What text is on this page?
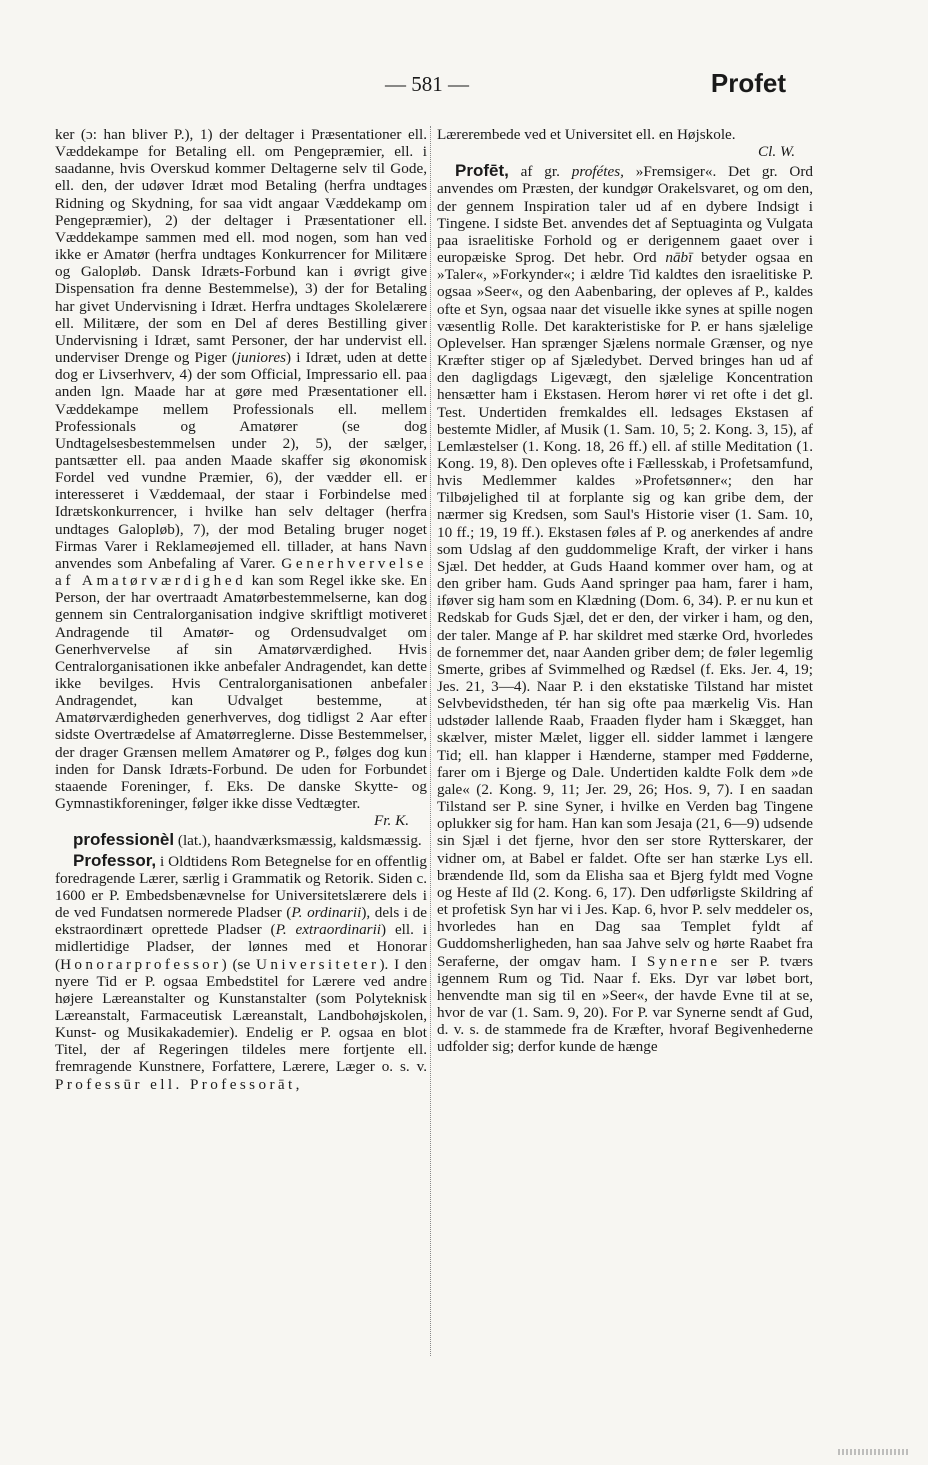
— 581 —	Profet

ker (ɔ: han bliver P.), 1) der deltager i Præsentationer ell. Væddekampe for Betaling ell. om Pengepræmier, ell. i saadanne, hvis Overskud kommer Deltagerne selv til Gode, ell. den, der udøver Idræt mod Betaling (herfra undtages Ridning og Skydning, for saa vidt angaar Væddekamp om Pengepræmier), 2) der deltager i Præsentationer ell. Væddekampe sammen med ell. mod nogen, som han ved ikke er Amatør (herfra undtages Konkurrencer for Militære og Galopløb. Dansk Idræts-Forbund kan i øvrigt give Dispensation fra denne Bestemmelse), 3) der for Betaling har givet Undervisning i Idræt. Herfra undtages Skolelærere ell. Militære, der som en Del af deres Bestilling giver Undervisning i Idræt, samt Personer, der har undervist ell. underviser Drenge og Piger (juniores) i Idræt, uden at dette dog er Livserhverv, 4) der som Official, Impressario ell. paa anden lgn. Maade har at gøre med Præsentationer ell. Væddekampe mellem Professionals ell. mellem Professionals og Amatører (se dog Undtagelsesbestemmelsen under 2), 5), der sælger, pantsætter ell. paa anden Maade skaffer sig økonomisk Fordel ved vundne Præmier, 6), der vædder ell. er interesseret i Væddemaal, der staar i Forbindelse med Idrætskonkurrencer, i hvilke han selv deltager (herfra undtages Galopløb), 7), der mod Betaling bruger noget Firmas Varer i Reklameøjemed ell. tillader, at hans Navn anvendes som Anbefaling af Varer. Generhvervelse af Amatørværdighed kan som Regel ikke ske. En Person, der har overtraadt Amatørbestemmelserne, kan dog gennem sin Centralorganisation indgive skriftligt motiveret Andragende til Amatør- og Ordensudvalget om Generhvervelse af sin Amatørværdighed. Hvis Centralorganisationen ikke anbefaler Andragendet, kan dette ikke bevilges. Hvis Centralorganisationen anbefaler Andragendet, kan Udvalget bestemme, at Amatørværdigheden generhverves, dog tidligst 2 Aar efter sidste Overtrædelse af Amatørreglerne. Disse Bestemmelser, der drager Grænsen mellem Amatører og P., følges dog kun inden for Dansk Idræts-Forbund. De uden for Forbundet staaende Foreninger, f. Eks. De danske Skytte- og Gymnastikforeninger, følger ikke disse Vedtægter.
Fr. K.

professionèl (lat.), haandværksmæssig, kaldsmæssig.

Professor, i Oldtidens Rom Betegnelse for en offentlig foredragende Lærer, særlig i Grammatik og Retorik. Siden c. 1600 er P. Embedsbenævnelse for Universitetslærere dels i de ved Fundatsen normerede Pladser (P. ordinarii), dels i de ekstraordinært oprettede Pladser (P. extraordinarii) ell. i midlertidige Pladser, der lønnes med et Honorar (Honorarprofessor) (se Universiteter). I den nyere Tid er P. ogsaa Embedstitel for Lærere ved andre højere Læreanstalter og Kunstanstalter (som Polyteknisk Læreanstalt, Farmaceutisk Læreanstalt, Landbohøjskolen, Kunst- og Musikakademier). Endelig er P. ogsaa en blot Titel, der af Regeringen tildeles mere fortjente ell. fremragende Kunstnere, Forfattere, Lærere, Læger o. s. v. Professūr ell. Professorāt,

Lærerembede ved et Universitet ell. en Højskole.
Cl. W.

Profēt, af gr. profétes, »Fremsiger«. Det gr. Ord anvendes om Præsten, der kundgør Orakelsvaret, og om den, der gennem Inspiration taler ud af en dybere Indsigt i Tingene. I sidste Bet. anvendes det af Septuaginta og Vulgata paa israelitiske Forhold og er derigennem gaaet over i europæiske Sprog. Det hebr. Ord nābī betyder ogsaa en »Taler«, »Forkynder«; i ældre Tid kaldtes den israelitiske P. ogsaa »Seer«, og den Aabenbaring, der opleves af P., kaldes ofte et Syn, ogsaa naar det visuelle ikke synes at spille nogen væsentlig Rolle. Det karakteristiske for P. er hans sjælelige Oplevelser. Han sprænger Sjælens normale Grænser, og nye Kræfter stiger op af Sjæledybet. Derved bringes han ud af den dagligdags Ligevægt, den sjælelige Koncentration hensætter ham i Ekstasen. Herom hører vi ret ofte i det gl. Test. Undertiden fremkaldes ell. ledsages Ekstasen af bestemte Midler, af Musik (1. Sam. 10, 5; 2. Kong. 3, 15), af Lemlæstelser (1. Kong. 18, 26 ff.) ell. af stille Meditation (1. Kong. 19, 8). Den opleves ofte i Fællesskab, i Profetsamfund, hvis Medlemmer kaldes »Profetsønner«; den har Tilbøjelighed til at forplante sig og kan gribe dem, der nærmer sig Kredsen, som Saul's Historie viser (1. Sam. 10, 10 ff.; 19, 19 ff.). Ekstasen føles af P. og anerkendes af andre som Udslag af den guddommelige Kraft, der virker i hans Sjæl. Det hedder, at Guds Haand kommer over ham, og at den griber ham. Guds Aand springer paa ham, farer i ham, iføver sig ham som en Klædning (Dom. 6, 34). P. er nu kun et Redskab for Guds Sjæl, det er den, der virker i ham, og den, der taler. Mange af P. har skildret med stærke Ord, hvorledes de fornemmer det, naar Aanden griber dem; de føler legemlig Smerte, gribes af Svimmelhed og Rædsel (f. Eks. Jer. 4, 19; Jes. 21, 3—4). Naar P. i den ekstatiske Tilstand har mistet Selvbevidstheden, tér han sig ofte paa mærkelig Vis. Han udstøder lallende Raab, Fraaden flyder ham i Skægget, han skælver, mister Mælet, ligger ell. sidder lammet i længere Tid; ell. han klapper i Hænderne, stamper med Fødderne, farer om i Bjerge og Dale. Undertiden kaldte Folk dem »de gale« (2. Kong. 9, 11; Jer. 29, 26; Hos. 9, 7). I en saadan Tilstand ser P. sine Syner, i hvilke en Verden bag Tingene oplukker sig for ham. Han kan som Jesaja (21, 6—9) udsende sin Sjæl i det fjerne, hvor den ser store Rytterskarer, der vidner om, at Babel er faldet. Ofte ser han stærke Lys ell. brændende Ild, som da Elisha saa et Bjerg fyldt med Vogne og Heste af Ild (2. Kong. 6, 17). Den udførligste Skildring af et profetisk Syn har vi i Jes. Kap. 6, hvor P. selv meddeler os, hvorledes han en Dag saa Templet fyldt af Guddomsherligheden, han saa Jahve selv og hørte Raabet fra Seraferne, der omgav ham. I Synerne ser P. tværs igennem Rum og Tid. Naar f. Eks. Dyr var løbet bort, henvendte man sig til en »Seer«, der havde Evne til at se, hvor de var (1. Sam. 9, 20). For P. var Synerne sendt af Gud, d. v. s. de stammede fra de Kræfter, hvoraf Begivenhederne udfolder sig; derfor kunde de hænge
